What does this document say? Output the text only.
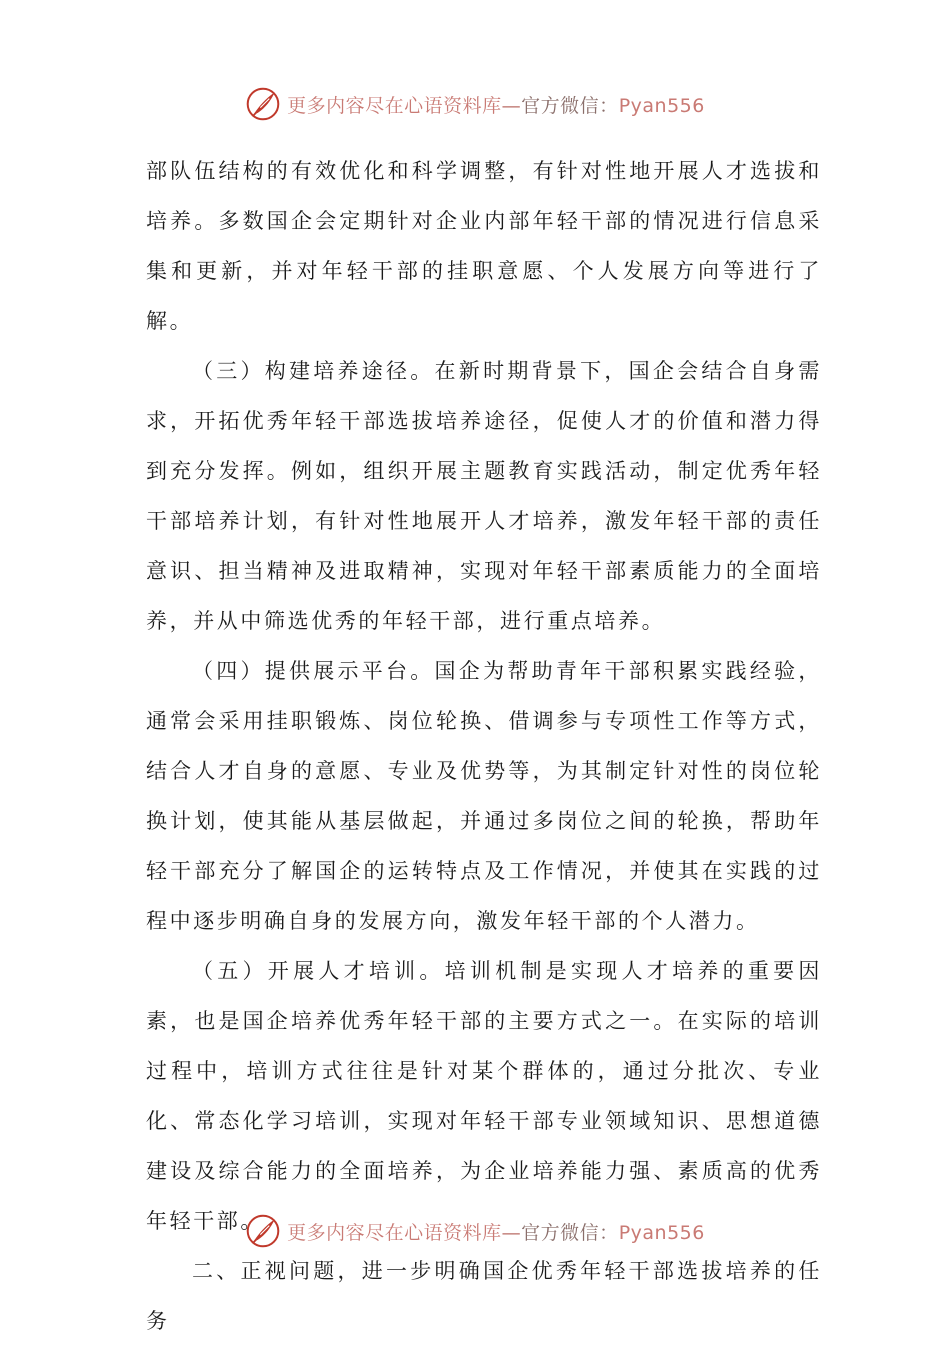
更多内容尽在心语资料库—官方微信：Pyan556

部队伍结构的有效优化和科学调整，有针对性地开展人才选拔和培养。多数国企会定期针对企业内部年轻干部的情况进行信息采集和更新，并对年轻干部的挂职意愿、个人发展方向等进行了解。

（三）构建培养途径。在新时期背景下，国企会结合自身需求，开拓优秀年轻干部选拔培养途径，促使人才的价值和潜力得到充分发挥。例如，组织开展主题教育实践活动，制定优秀年轻干部培养计划，有针对性地展开人才培养，激发年轻干部的责任意识、担当精神及进取精神，实现对年轻干部素质能力的全面培养，并从中筛选优秀的年轻干部，进行重点培养。

（四）提供展示平台。国企为帮助青年干部积累实践经验，通常会采用挂职锻炼、岗位轮换、借调参与专项性工作等方式，结合人才自身的意愿、专业及优势等，为其制定针对性的岗位轮换计划，使其能从基层做起，并通过多岗位之间的轮换，帮助年轻干部充分了解国企的运转特点及工作情况，并使其在实践的过程中逐步明确自身的发展方向，激发年轻干部的个人潜力。

（五）开展人才培训。培训机制是实现人才培养的重要因素，也是国企培养优秀年轻干部的主要方式之一。在实际的培训过程中，培训方式往往是针对某个群体的，通过分批次、专业化、常态化学习培训，实现对年轻干部专业领域知识、思想道德建设及综合能力的全面培养，为企业培养能力强、素质高的优秀年轻干部。

二、正视问题，进一步明确国企优秀年轻干部选拔培养的任务

更多内容尽在心语资料库—官方微信：Pyan556
